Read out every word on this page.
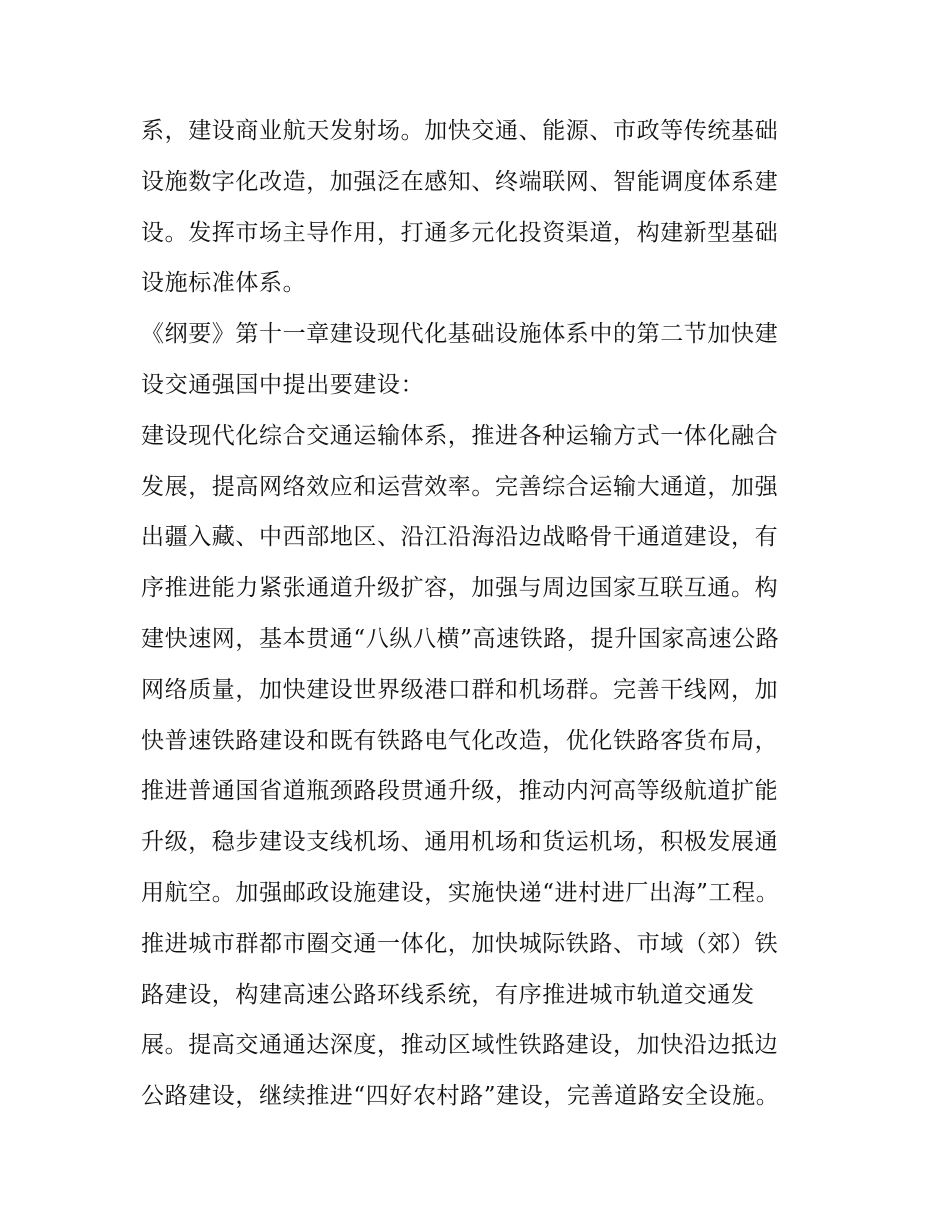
系，建设商业航天发射场。加快交通、能源、市政等传统基础
设施数字化改造，加强泛在感知、终端联网、智能调度体系建
设。发挥市场主导作用，打通多元化投资渠道，构建新型基础
设施标准体系。
《纲要》第十一章建设现代化基础设施体系中的第二节加快建
设交通强国中提出要建设：
建设现代化综合交通运输体系，推进各种运输方式一体化融合
发展，提高网络效应和运营效率。完善综合运输大通道，加强
出疆入藏、中西部地区、沿江沿海沿边战略骨干通道建设，有
序推进能力紧张通道升级扩容，加强与周边国家互联互通。构
建快速网，基本贯通“八纵八横”高速铁路，提升国家高速公路
网络质量，加快建设世界级港口群和机场群。完善干线网，加
快普速铁路建设和既有铁路电气化改造，优化铁路客货布局，
推进普通国省道瓶颈路段贯通升级，推动内河高等级航道扩能
升级，稳步建设支线机场、通用机场和货运机场，积极发展通
用航空。加强邮政设施建设，实施快递“进村进厂出海”工程。
推进城市群都市圈交通一体化，加快城际铁路、市域（郊）铁
路建设，构建高速公路环线系统，有序推进城市轨道交通发
展。提高交通通达深度，推动区域性铁路建设，加快沿边抵边
公路建设，继续推进“四好农村路”建设，完善道路安全设施。
